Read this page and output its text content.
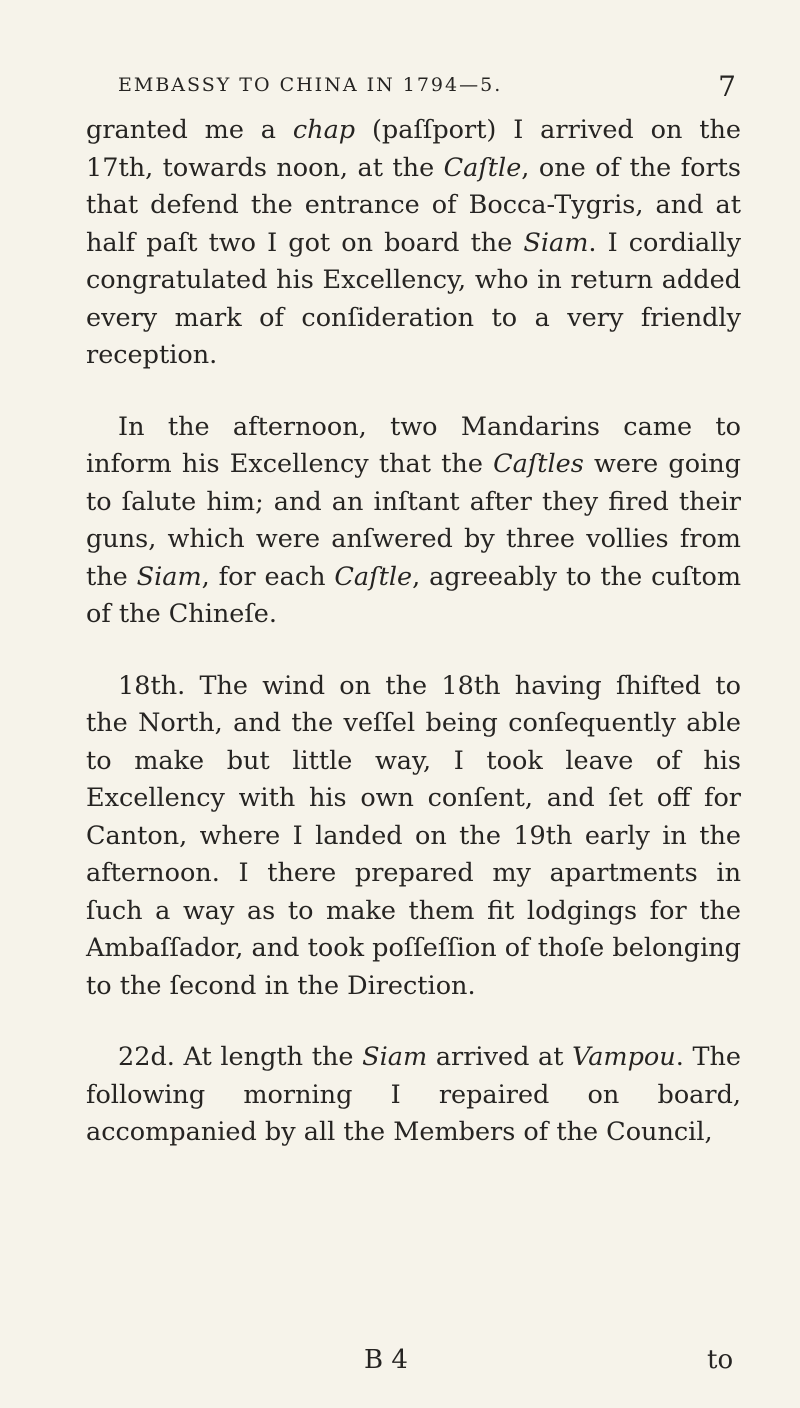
EMBASSY TO CHINA IN 1794—5.	7

granted me a chap (paſſport) I arrived on the 17th, towards noon, at the Caſtle, one of the forts that defend the entrance of Bocca-Tygris, and at half paſt two I got on board the Siam. I cordially congratulated his Excellency, who in return added every mark of conſideration to a very friendly reception.

In the afternoon, two Mandarins came to inform his Excellency that the Caſtles were going to ſalute him; and an inſtant after they fired their guns, which were anſwered by three vollies from the Siam, for each Caſtle, agreeably to the cuſtom of the Chineſe.

18th. The wind on the 18th having ſhifted to the North, and the veſſel being conſequently able to make but little way, I took leave of his Excellency with his own conſent, and ſet off for Canton, where I landed on the 19th early in the afternoon. I there prepared my apartments in ſuch a way as to make them fit lodgings for the Ambaſſador, and took poſſeſſion of thoſe belonging to the ſecond in the Direction.

22d. At length the Siam arrived at Vampou. The following morning I repaired on board, accompanied by all the Members of the Council,

B 4	to
